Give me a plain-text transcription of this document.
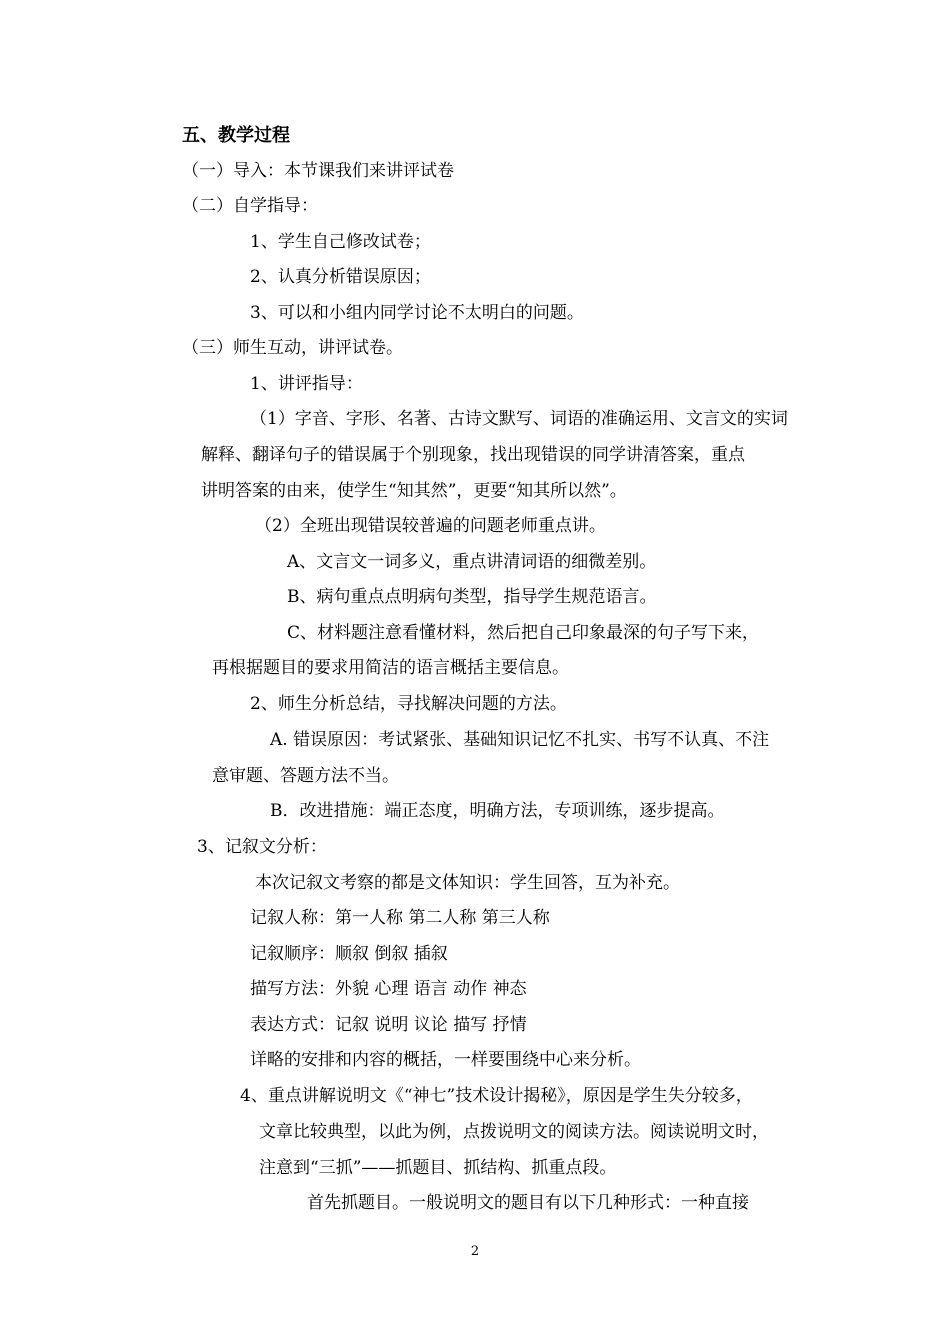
五、教学过程
（一）导入：本节课我们来讲评试卷
（二）自学指导：
1、学生自己修改试卷；
2、认真分析错误原因；
3、可以和小组内同学讨论不太明白的问题。
（三）师生互动，讲评试卷。
1、讲评指导：
（1）字音、字形、名著、古诗文默写、词语的准确运用、文言文的实词
解释、翻译句子的错误属于个别现象，找出现错误的同学讲清答案，重点
讲明答案的由来，使学生“知其然”，更要“知其所以然”。
（2）全班出现错误较普遍的问题老师重点讲。
A、文言文一词多义，重点讲清词语的细微差别。
B、病句重点点明病句类型，指导学生规范语言。
C、材料题注意看懂材料，然后把自己印象最深的句子写下来，
再根据题目的要求用简洁的语言概括主要信息。
2、师生分析总结，寻找解决问题的方法。
A. 错误原因：考试紧张、基础知识记忆不扎实、书写不认真、不注
意审题、答题方法不当。
B．改进措施：端正态度，明确方法，专项训练，逐步提高。
3、记叙文分析：
本次记叙文考察的都是文体知识：学生回答，互为补充。
记叙人称：第一人称 第二人称 第三人称
记叙顺序：顺叙 倒叙 插叙
描写方法：外貌 心理 语言 动作 神态
表达方式：记叙 说明 议论 描写 抒情
详略的安排和内容的概括，一样要围绕中心来分析。
4、重点讲解说明文《“神七”技术设计揭秘》，原因是学生失分较多，
文章比较典型，以此为例，点拨说明文的阅读方法。阅读说明文时，
注意到“三抓”——抓题目、抓结构、抓重点段。
首先抓题目。一般说明文的题目有以下几种形式：一种直接
2
